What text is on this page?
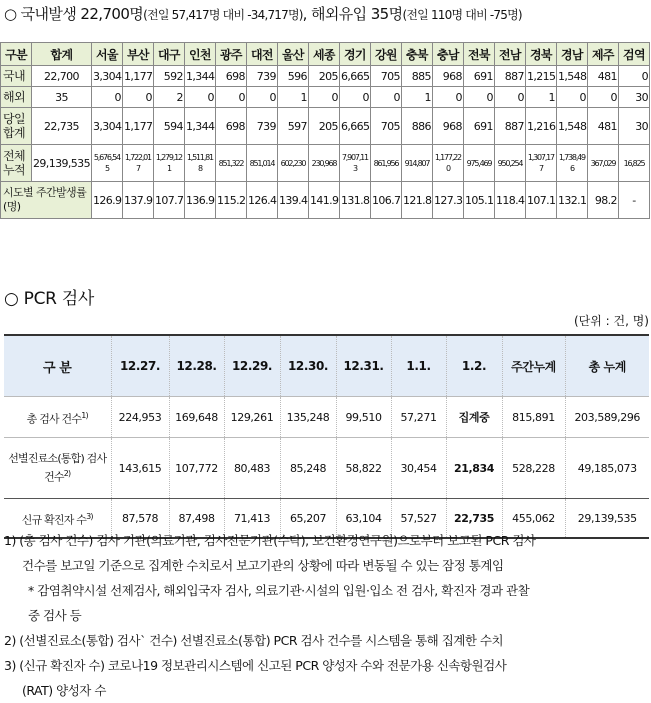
○ 국내발생 22,700명(전일 57,417명 대비 -34,717명), 해외유입 35명(전일 110명 대비 -75명)
구분	합계	서울	부산	대구	인천	광주	대전	울산	세종	경기	강원	충북	충남	전북	전남	경북	경남	제주	검역
국내	22,700	3,304	1,177	592	1,344	698	739	596	205	6,665	705	885	968	691	887	1,215	1,548	481	0
해외	35	0	0	2	0	0	0	1	0	0	0	1	0	0	0	1	0	0	30
당일 합계	22,735	3,304	1,177	594	1,344	698	739	597	205	6,665	705	886	968	691	887	1,216	1,548	481	30
전체 누적	29,139,535	5,676,545	1,722,017	1,279,121	1,511,818	851,322	851,014	602,230	230,968	7,907,113	861,956	914,807	1,177,220	975,469	950,254	1,307,177	1,738,496	367,029	16,825
시도별 주간발생률(명)		126.9	137.9	107.7	136.9	115.2	126.4	139.4	141.9	131.8	106.7	121.8	127.3	105.1	118.4	107.1	132.1	98.2	-
○ PCR 검사
(단위 : 건, 명)
구 분	12.27.	12.28.	12.29.	12.30.	12.31.	1.1.	1.2.	주간누계	총 누계
총 검사 건수$^{1)}$	224,953	169,648	129,261	135,248	99,510	57,271	집계중	815,891	203,589,296
선별진료소(통합) 검사 건수$^{2)}$	143,615	107,772	80,483	85,248	58,822	30,454	21,834	528,228	49,185,073
신규 확진자 수$^{3)}$	87,578	87,498	71,413	65,207	63,104	57,527	22,735	455,062	29,139,535
1) (총 검사 건수) 검사 기관(의료기관, 검사전문기관(수탁), 보건환경연구원)으로부터 보고된 PCR 검사
건수를 보고일 기준으로 집계한 수치로서 보고기관의 상황에 따라 변동될 수 있는 잠정 통계임
* 감염취약시설 선제검사, 해외입국자 검사, 의료기관·시설의 입원·입소 전 검사, 확진자 경과 관찰
중 검사 등
2) (선별진료소(통합) 검사` 건수) 선별진료소(통합) PCR 검사 건수를 시스템을 통해 집계한 수치
3) (신규 확진자 수) 코로나19 정보관리시스템에 신고된 PCR 양성자 수와 전문가용 신속항원검사
(RAT) 양성자 수
